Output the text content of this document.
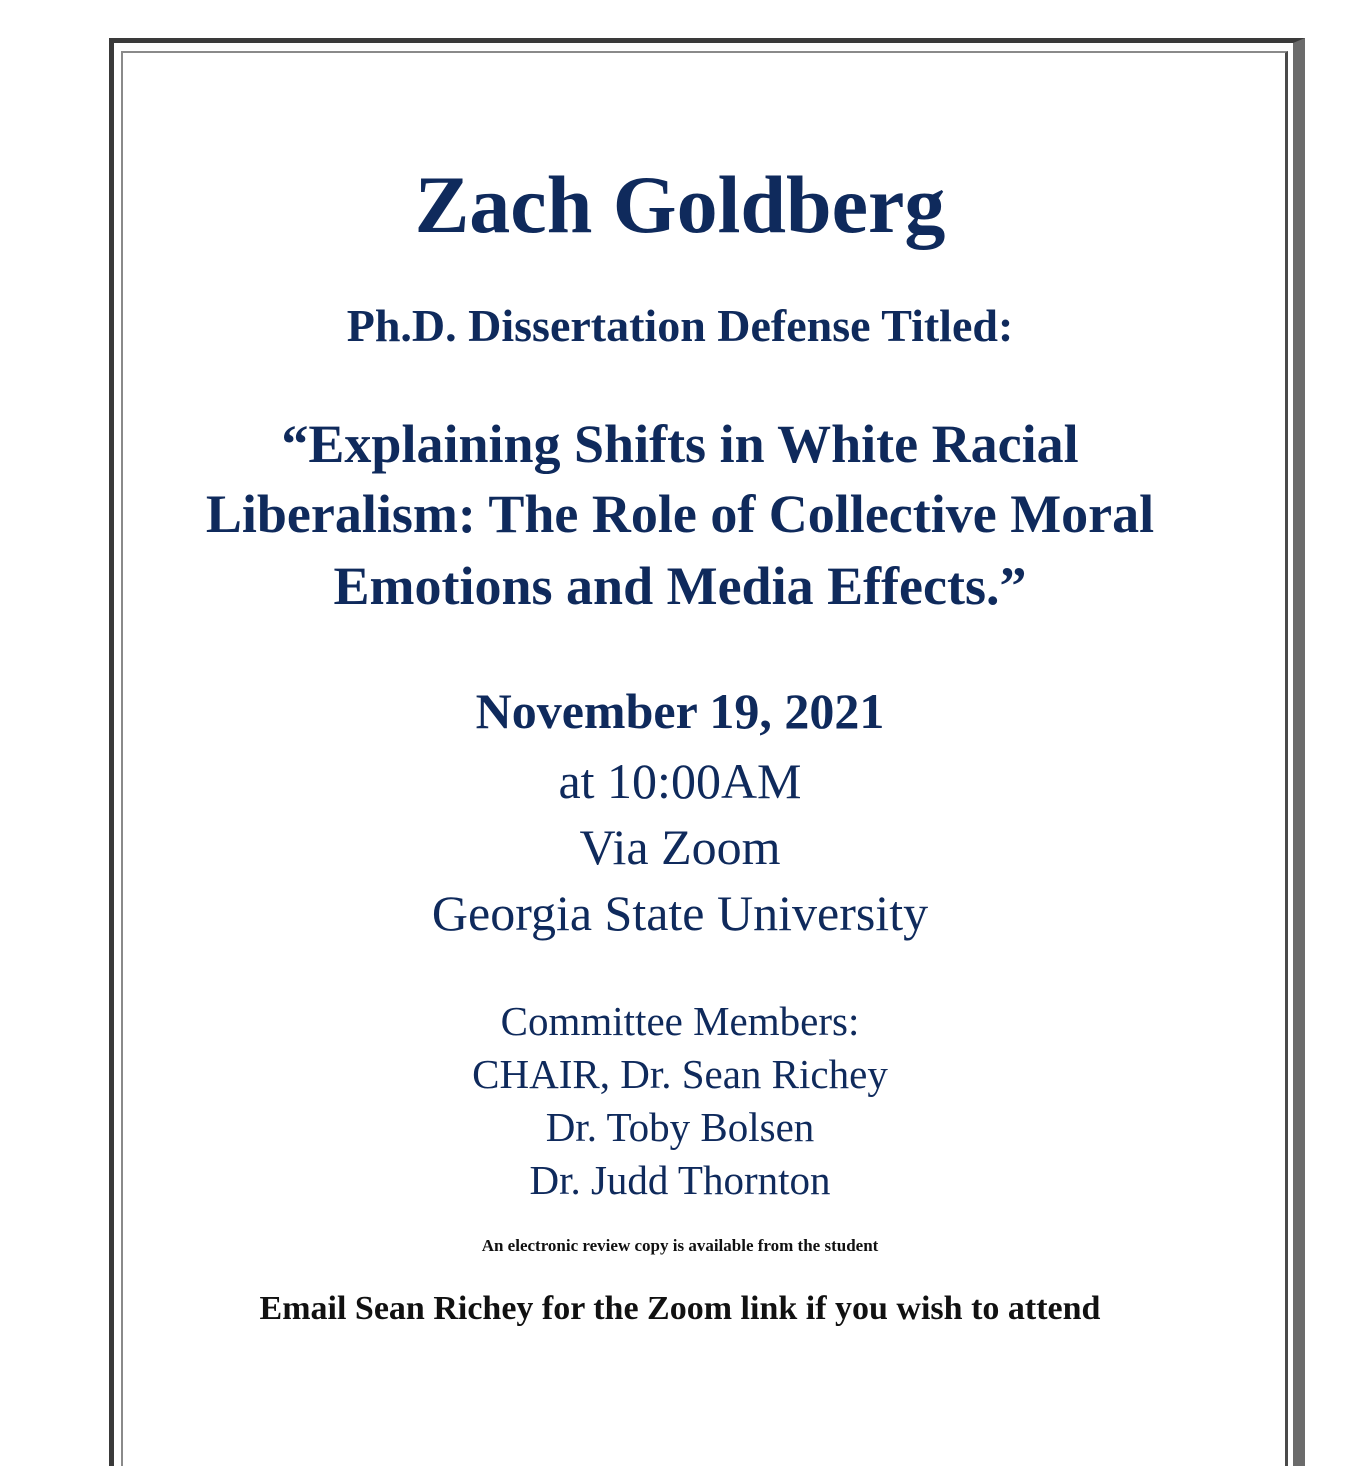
Zach Goldberg
Ph.D. Dissertation Defense Titled:

“Explaining Shifts in White Racial

Liberalism: The Role of Collective Moral

Emotions and Media Effects.”

November 19, 2021

at 10:00AM

Via Zoom

Georgia State University

Committee Members:

CHAIR, Dr. Sean Richey

Dr. Toby Bolsen

Dr. Judd Thornton

An electronic review copy is available from the student

Email Sean Richey for the Zoom link if you wish to attend
